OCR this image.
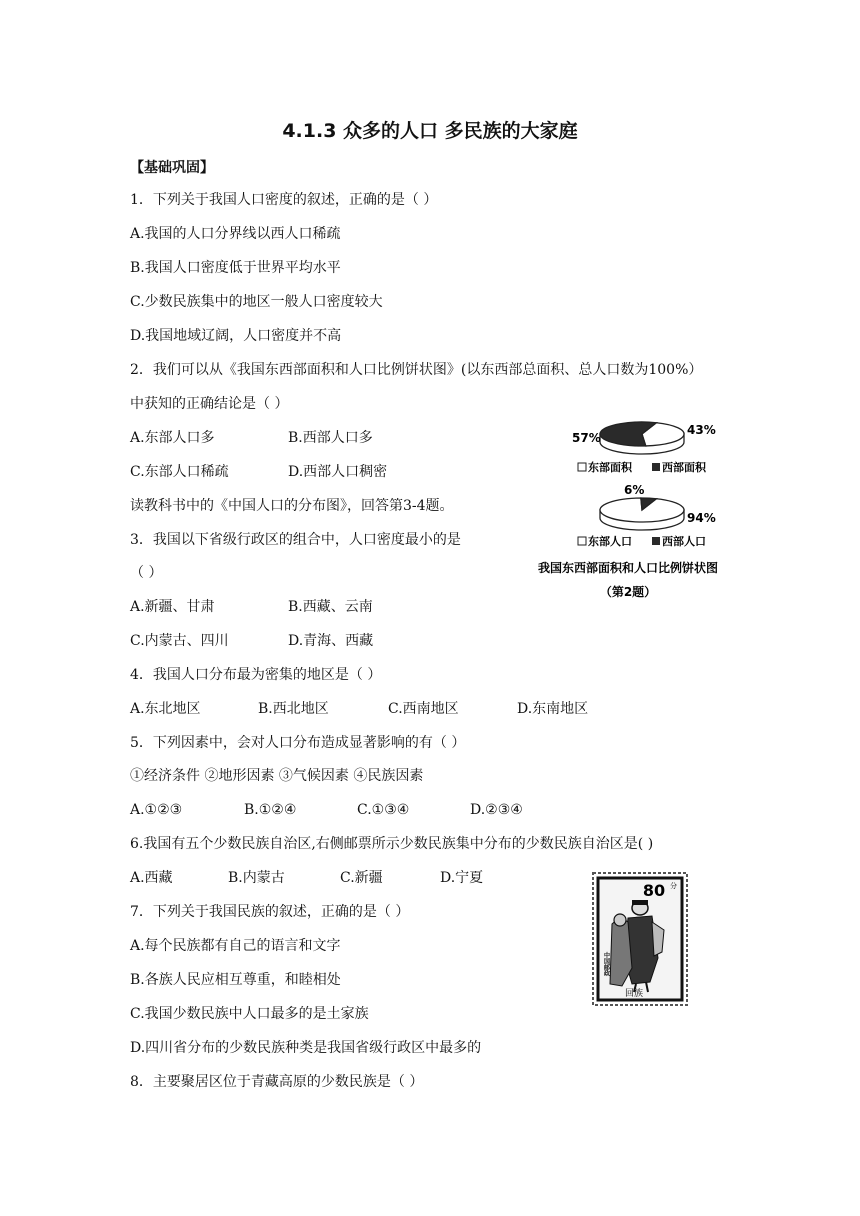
4.1.3 众多的人口 多民族的大家庭
【基础巩固】
1．下列关于我国人口密度的叙述，正确的是（ ）
A.我国的人口分界线以西人口稀疏
B.我国人口密度低于世界平均水平
C.少数民族集中的地区一般人口密度较大
D.我国地域辽阔，人口密度并不高
2．我们可以从《我国东西部面积和人口比例饼状图》(以东西部总面积、总人口数为100%）
中获知的正确结论是（ ）
A.东部人口多	B.西部人口多
C.东部人口稀疏	D.西部人口稠密
读教科书中的《中国人口的分布图》，回答第3-4题。
3．我国以下省级行政区的组合中，人口密度最小的是
（ ）
A.新疆、甘肃	B.西藏、云南
C.内蒙古、四川	D.青海、西藏
4．我国人口分布最为密集的地区是（ ）
A.东北地区	B.西北地区	C.西南地区	D.东南地区
5．下列因素中，会对人口分布造成显著影响的有（ ）
①经济条件 ②地形因素 ③气候因素 ④民族因素
A.①②③	B.①②④	C.①③④	D.②③④
6.我国有五个少数民族自治区,右侧邮票所示少数民族集中分布的少数民族自治区是( )
A.西藏	B.内蒙古	C.新疆	D.宁夏
7．下列关于我国民族的叙述，正确的是（ ）
A.每个民族都有自己的语言和文字
B.各族人民应相互尊重，和睦相处
C.我国少数民族中人口最多的是土家族
D.四川省分布的少数民族种类是我国省级行政区中最多的
8．主要聚居区位于青藏高原的少数民族是（ ）
57%
43%
东部面积	西部面积
6%
94%
东部人口	西部人口
我国东西部面积和人口比例饼状图
（第2题）
80 分
中国邮政
回族
